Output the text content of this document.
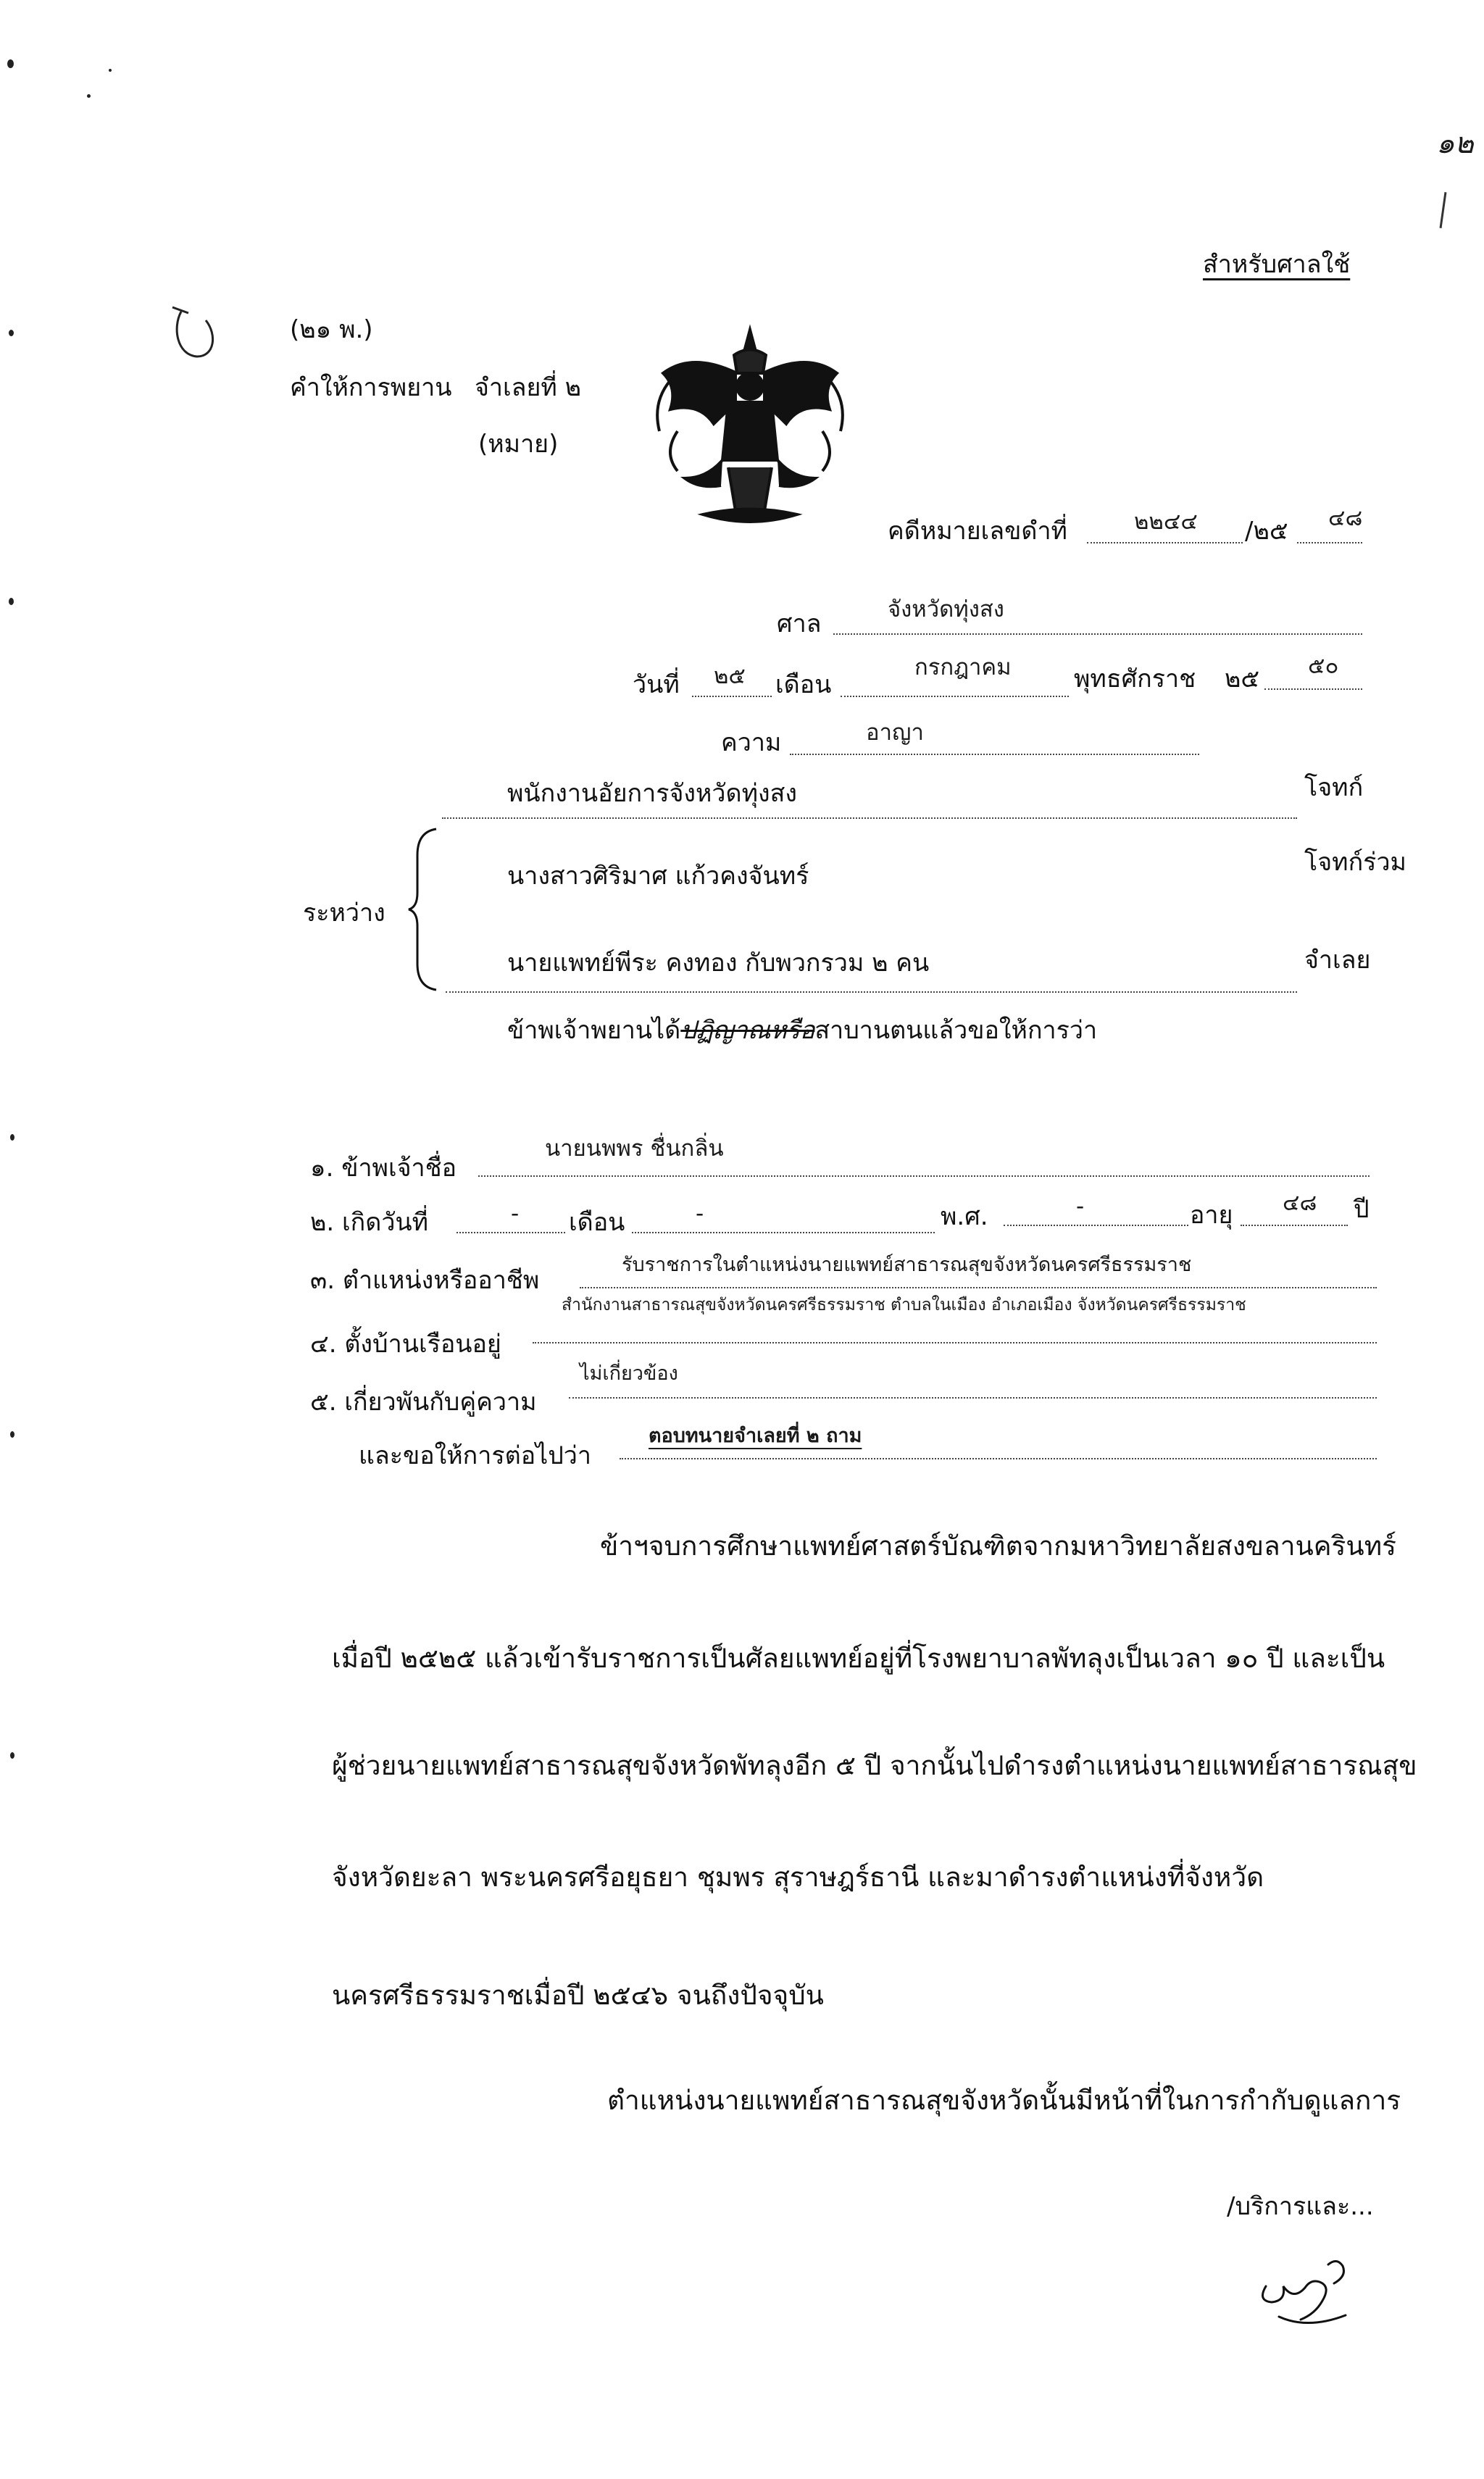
๑๒
สำหรับศาลใช้
(๒๑ พ.)
คำให้การพยาน จำเลยที่ ๒
(หมาย)
คดีหมายเลขดำที่	๒๒๔๔ /๒๕ ๔๘
ศาล	จังหวัดทุ่งสง
วันที่ ๒๕ เดือน
กรกฎาคม	พุทธศักราช ๒๕ ๕๐
ความ	อาญา
พนักงานอัยการจังหวัดทุ่งสง	โจทก์
ระหว่าง
นางสาวศิริมาศ แก้วคงจันทร์	โจทก์ร่วม
นายแพทย์พีระ คงทอง กับพวกรวม ๒ คน	จำเลย
ข้าพเจ้าพยานได้ปฏิญาณหรือสาบานตนแล้วขอให้การว่า
๑. ข้าพเจ้าชื่อ
นายนพพร ชื่นกลิ่น
๒. เกิดวันที่	- เดือน	-	พ.ศ.	-	อายุ ๔๘ ปี
๓. ตำแหน่งหรืออาชีพ
รับราชการในตำแหน่งนายแพทย์สาธารณสุขจังหวัดนครศรีธรรมราช
๔. ตั้งบ้านเรือนอยู่
สำนักงานสาธารณสุขจังหวัดนครศรีธรรมราช ตำบลในเมือง อำเภอเมือง จังหวัดนครศรีธรรมราช
๕. เกี่ยวพันกับคู่ความ
ไม่เกี่ยวข้อง
และขอให้การต่อไปว่า
ตอบทนายจำเลยที่ ๒ ถาม
ข้าฯจบการศึกษาแพทย์ศาสตร์บัณฑิตจากมหาวิทยาลัยสงขลานครินทร์
เมื่อปี ๒๕๒๕ แล้วเข้ารับราชการเป็นศัลยแพทย์อยู่ที่โรงพยาบาลพัทลุงเป็นเวลา ๑๐ ปี และเป็น
ผู้ช่วยนายแพทย์สาธารณสุขจังหวัดพัทลุงอีก ๕ ปี จากนั้นไปดำรงตำแหน่งนายแพทย์สาธารณสุข
จังหวัดยะลา พระนครศรีอยุธยา ชุมพร สุราษฎร์ธานี และมาดำรงตำแหน่งที่จังหวัด
นครศรีธรรมราชเมื่อปี ๒๕๔๖ จนถึงปัจจุบัน
ตำแหน่งนายแพทย์สาธารณสุขจังหวัดนั้นมีหน้าที่ในการกำกับดูแลการ
/บริการและ...
